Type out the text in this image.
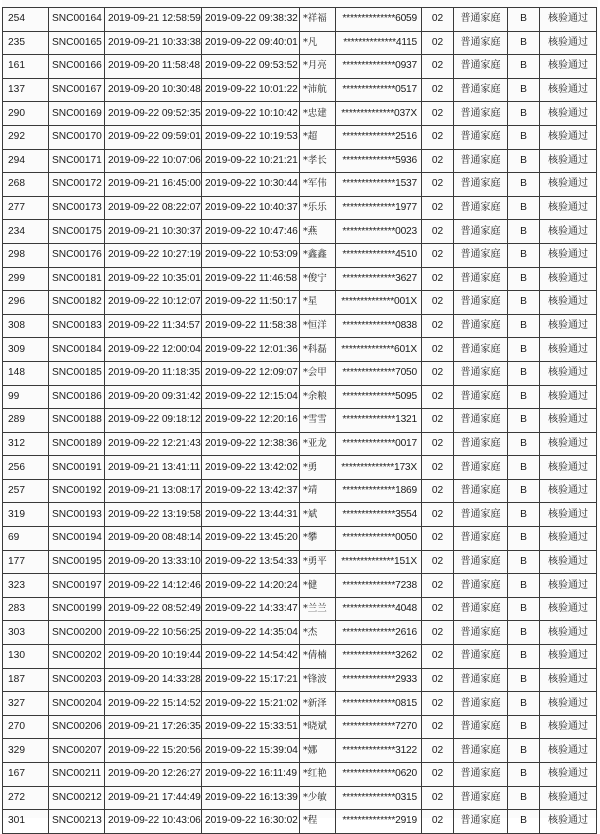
254	SNC00164	2019-09-21 12:58:59	2019-09-22 09:38:32	*祥福	**************6059	02	普通家庭	B	核验通过
235	SNC00165	2019-09-21 10:33:38	2019-09-22 09:40:01	*凡	**************4115	02	普通家庭	B	核验通过
161	SNC00166	2019-09-20 11:58:48	2019-09-22 09:53:52	*月亮	**************0937	02	普通家庭	B	核验通过
137	SNC00167	2019-09-20 10:30:48	2019-09-22 10:01:22	*沛航	**************0517	02	普通家庭	B	核验通过
290	SNC00169	2019-09-22 09:52:35	2019-09-22 10:10:42	*忠建	**************037X	02	普通家庭	B	核验通过
292	SNC00170	2019-09-22 09:59:01	2019-09-22 10:19:53	*超	**************2516	02	普通家庭	B	核验通过
294	SNC00171	2019-09-22 10:07:06	2019-09-22 10:21:21	*孝长	**************5936	02	普通家庭	B	核验通过
268	SNC00172	2019-09-21 16:45:00	2019-09-22 10:30:44	*军伟	**************1537	02	普通家庭	B	核验通过
277	SNC00173	2019-09-22 08:22:07	2019-09-22 10:40:37	*乐乐	**************1977	02	普通家庭	B	核验通过
234	SNC00175	2019-09-21 10:30:37	2019-09-22 10:47:46	*燕	**************0023	02	普通家庭	B	核验通过
298	SNC00176	2019-09-22 10:27:19	2019-09-22 10:53:09	*鑫鑫	**************4510	02	普通家庭	B	核验通过
299	SNC00181	2019-09-22 10:35:01	2019-09-22 11:46:58	*俊宁	**************3627	02	普通家庭	B	核验通过
296	SNC00182	2019-09-22 10:12:07	2019-09-22 11:50:17	*星	**************001X	02	普通家庭	B	核验通过
308	SNC00183	2019-09-22 11:34:57	2019-09-22 11:58:38	*恒洋	**************0838	02	普通家庭	B	核验通过
309	SNC00184	2019-09-22 12:00:04	2019-09-22 12:01:36	*科磊	**************601X	02	普通家庭	B	核验通过
148	SNC00185	2019-09-20 11:18:35	2019-09-22 12:09:07	*会甲	**************7050	02	普通家庭	B	核验通过
99	SNC00186	2019-09-20 09:31:42	2019-09-22 12:15:04	*余粮	**************5095	02	普通家庭	B	核验通过
289	SNC00188	2019-09-22 09:18:12	2019-09-22 12:20:16	*雪雪	**************1321	02	普通家庭	B	核验通过
312	SNC00189	2019-09-22 12:21:43	2019-09-22 12:38:36	*亚龙	**************0017	02	普通家庭	B	核验通过
256	SNC00191	2019-09-21 13:41:11	2019-09-22 13:42:02	*勇	**************173X	02	普通家庭	B	核验通过
257	SNC00192	2019-09-21 13:08:17	2019-09-22 13:42:37	*靖	**************1869	02	普通家庭	B	核验通过
319	SNC00193	2019-09-22 13:19:58	2019-09-22 13:44:31	*斌	**************3554	02	普通家庭	B	核验通过
69	SNC00194	2019-09-20 08:48:14	2019-09-22 13:45:20	*攀	**************0050	02	普通家庭	B	核验通过
177	SNC00195	2019-09-20 13:33:10	2019-09-22 13:54:33	*勇平	**************151X	02	普通家庭	B	核验通过
323	SNC00197	2019-09-22 14:12:46	2019-09-22 14:20:24	*健	**************7238	02	普通家庭	B	核验通过
283	SNC00199	2019-09-22 08:52:49	2019-09-22 14:33:47	*兰兰	**************4048	02	普通家庭	B	核验通过
303	SNC00200	2019-09-22 10:56:25	2019-09-22 14:35:04	*杰	**************2616	02	普通家庭	B	核验通过
130	SNC00202	2019-09-20 10:19:44	2019-09-22 14:54:42	*倩楠	**************3262	02	普通家庭	B	核验通过
187	SNC00203	2019-09-20 14:33:28	2019-09-22 15:17:21	*锋波	**************2933	02	普通家庭	B	核验通过
327	SNC00204	2019-09-22 15:14:52	2019-09-22 15:21:02	*新泽	**************0815	02	普通家庭	B	核验通过
270	SNC00206	2019-09-21 17:26:35	2019-09-22 15:33:51	*晓斌	**************7270	02	普通家庭	B	核验通过
329	SNC00207	2019-09-22 15:20:56	2019-09-22 15:39:04	*娜	**************3122	02	普通家庭	B	核验通过
167	SNC00211	2019-09-20 12:26:27	2019-09-22 16:11:49	*红艳	**************0620	02	普通家庭	B	核验通过
272	SNC00212	2019-09-21 17:44:49	2019-09-22 16:13:39	*少敏	**************0315	02	普通家庭	B	核验通过
301	SNC00213	2019-09-22 10:43:06	2019-09-22 16:30:02	*程	**************2919	02	普通家庭	B	核验通过
